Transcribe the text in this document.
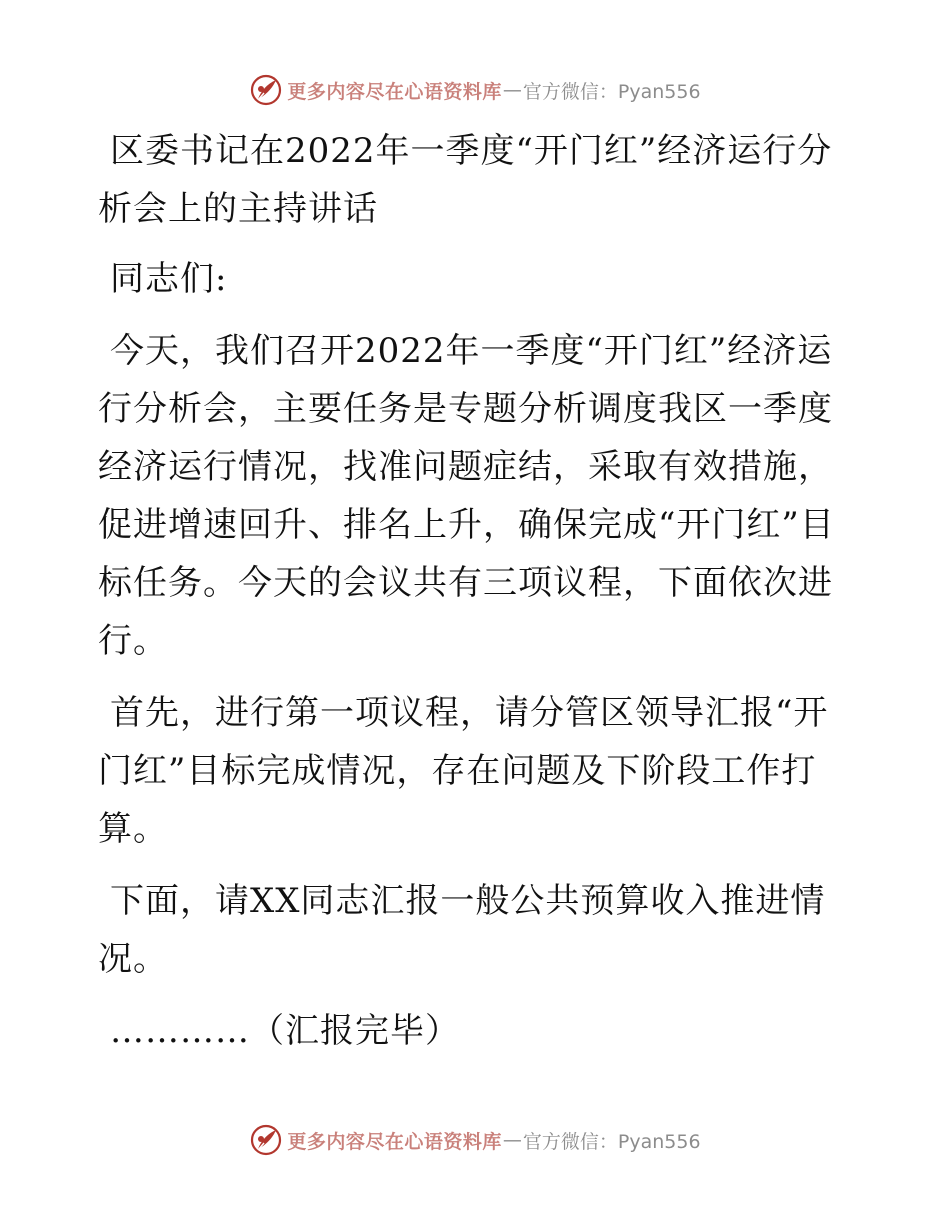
更多内容尽在心语资料库 — 官方微信：Pyan556

区委书记在2022年一季度“开门红”经济运行分析会上的主持讲话

同志们:

今天，我们召开2022年一季度“开门红”经济运行分析会，主要任务是专题分析调度我区一季度经济运行情况，找准问题症结，采取有效措施，促进增速回升、排名上升，确保完成“开门红”目标任务。今天的会议共有三项议程，下面依次进行。

首先，进行第一项议程，请分管区领导汇报“开门红”目标完成情况，存在问题及下阶段工作打算。

下面，请XX同志汇报一般公共预算收入推进情况。

…………（汇报完毕）

更多内容尽在心语资料库 — 官方微信：Pyan556
